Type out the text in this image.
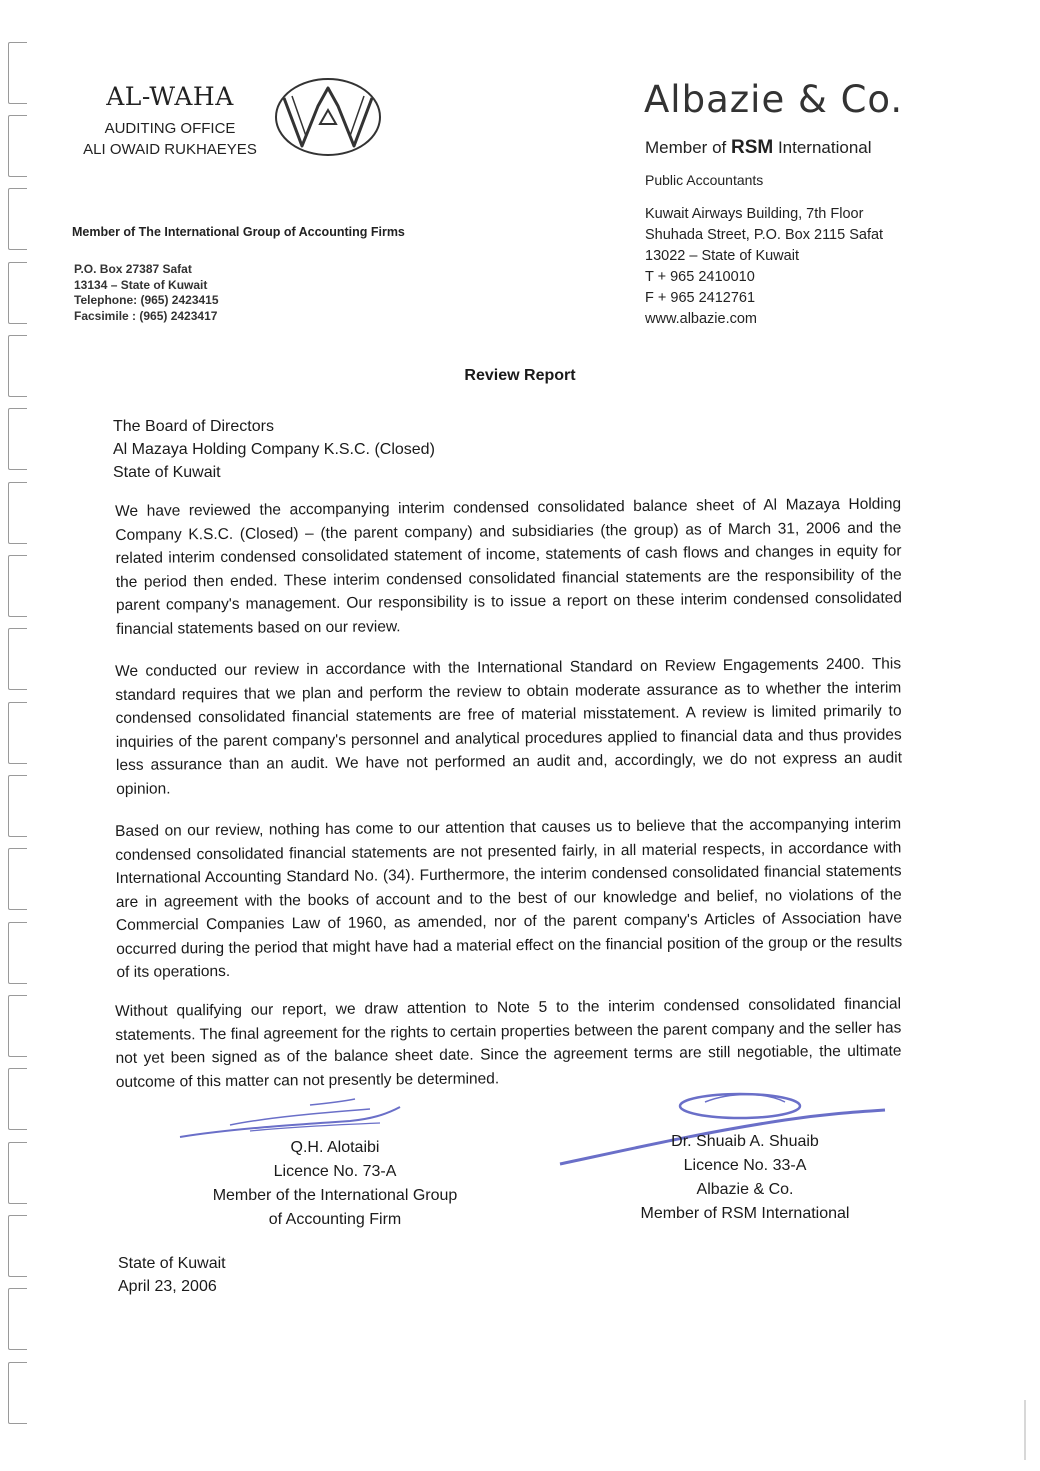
AL-WAHA
AUDITING OFFICE
ALI OWAID RUKHAEYES
Member of The International Group of Accounting Firms
P.O. Box 27387 Safat
13134 – State of Kuwait
Telephone: (965) 2423415
Facsimile : (965) 2423417
Albazie & Co.
Member of RSM International
Public Accountants
Kuwait Airways Building, 7th Floor
Shuhada Street, P.O. Box 2115 Safat
13022 – State of Kuwait
T + 965 2410010
F + 965 2412761
www.albazie.com
Review Report
The Board of Directors
Al Mazaya Holding Company K.S.C. (Closed)
State of Kuwait
We have reviewed the accompanying interim condensed consolidated balance sheet of Al Mazaya Holding Company K.S.C. (Closed) – (the parent company) and subsidiaries (the group) as of March 31, 2006 and the related interim condensed consolidated statement of income, statements of cash flows and changes in equity for the period then ended. These interim condensed consolidated financial statements are the responsibility of the parent company's management. Our responsibility is to issue a report on these interim condensed consolidated financial statements based on our review.
We conducted our review in accordance with the International Standard on Review Engagements 2400. This standard requires that we plan and perform the review to obtain moderate assurance as to whether the interim condensed consolidated financial statements are free of material misstatement. A review is limited primarily to inquiries of the parent company's personnel and analytical procedures applied to financial data and thus provides less assurance than an audit. We have not performed an audit and, accordingly, we do not express an audit opinion.
Based on our review, nothing has come to our attention that causes us to believe that the accompanying interim condensed consolidated financial statements are not presented fairly, in all material respects, in accordance with International Accounting Standard No. (34). Furthermore, the interim condensed consolidated financial statements are in agreement with the books of account and to the best of our knowledge and belief, no violations of the Commercial Companies Law of 1960, as amended, nor of the parent company's Articles of Association have occurred during the period that might have had a material effect on the financial position of the group or the results of its operations.
Without qualifying our report, we draw attention to Note 5 to the interim condensed consolidated financial statements. The final agreement for the rights to certain properties between the parent company and the seller has not yet been signed as of the balance sheet date. Since the agreement terms are still negotiable, the ultimate outcome of this matter can not presently be determined.
Q.H. Alotaibi
Licence No. 73-A
Member of the International Group
of Accounting Firm
Dr. Shuaib A. Shuaib
Licence No. 33-A
Albazie & Co.
Member of RSM International
State of Kuwait
April 23, 2006
